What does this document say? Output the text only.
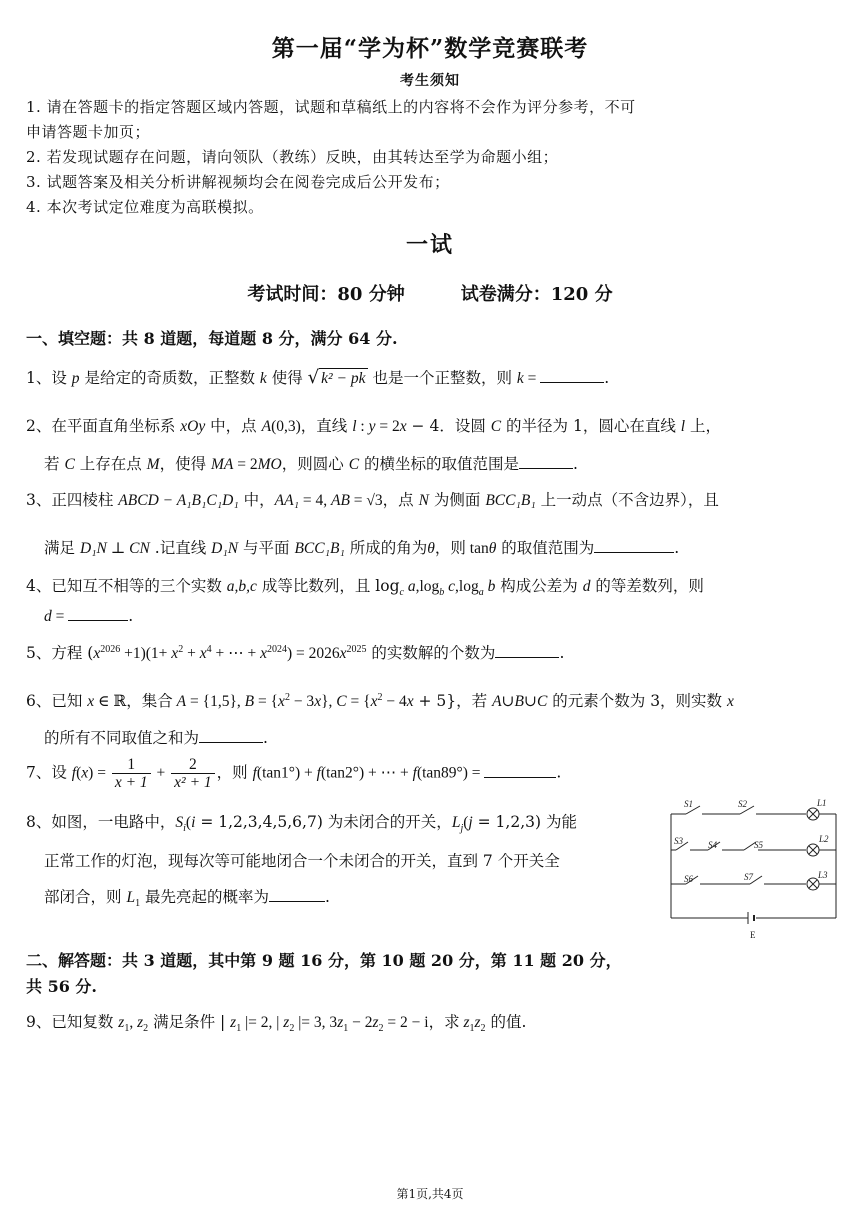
第一届“学为杯”数学竞赛联考
考生须知
1. 请在答题卡的指定答题区域内答题，试题和草稿纸上的内容将不会作为评分参考，不可
申请答题卡加页；
2. 若发现试题存在问题，请向领队（教练）反映，由其转达至学为命题小组；
3. 试题答案及相关分析讲解视频均会在阅卷完成后公开发布；
4. 本次考试定位难度为高联模拟。
一试
考试时间：80 分钟	试卷满分：120 分
一、填空题：共 8 道题，每道题 8 分，满分 64 分.
1、设 p 是给定的奇质数，正整数 k 使得 √ k² − pk 也是一个正整数，则 k =	.
2、在平面直角坐标系 xOy 中，点 A(0,3)，直线 l : y = 2x − 4．设圆 C 的半径为 1，圆心在直线 l 上，
若 C 上存在点 M，使得 MA = 2MO，则圆心 C 的横坐标的取值范围是	.
3、正四棱柱 ABCD − A₁B₁C₁D₁ 中，AA₁ = 4, AB = √3，点 N 为侧面 BCC₁B₁ 上一动点（不含边界），且
满足 D₁N ⊥ CN .记直线 D₁N 与平面 BCC₁B₁ 所成的角为θ，则 tanθ 的取值范围为	.
4、已知互不相等的三个实数 a,b,c 成等比数列，且 $\log_c a,\log_b$ $c,\log_a$ b 构成公差为 d 的等差数列，则
d =	.
5、方程 $(x^{2026} +1)(1+ x^2 + x^4$ + ⋯ + $x^{2024}) = 2026x^{2025}$ 的实数解的个数为	.
6、已知 x ∈ ℝ，集合 A = {1,5}, $B = \{x^2 - 3x\}$, $C = \{x^2 - 4x + 5\}$，若 A∪B∪C 的元素个数为 3，则实数 x
的所有不同取值之和为	.
7、设 $f(x) = \frac{1}{x + 1} + \frac{2}{\text{x² + 1}}$ ，则 f(tan1°) + f(tan2°) + ⋯ + f(tan89°) =	.
8、如图，一电路中，$S_i(i = 1,2,3,4,5,6,7)$ 为未闭合的开关，$L_j(j = 1,2,3)$ 为能
正常工作的灯泡，现每次等可能地闭合一个未闭合的开关，直到 7 个开关全
部闭合，则 $L_1$ 最先亮起的概率为	.
E
S1	S2	L1
S3	S4	S5
L2
S6	S7	L3
二、解答题：共 3 道题，其中第 9 题 16 分，第 10 题 20 分，第 11 题 20 分，
共 56 分.
9、已知复数 $z_1$, $z_2$ 满足条件 | $z_1$ |= 2, | $z_2$ |= 3, $3z_1 - 2z_2 = 2 - i$，求 $z_1z_2$ 的值.
第1页,共4页
